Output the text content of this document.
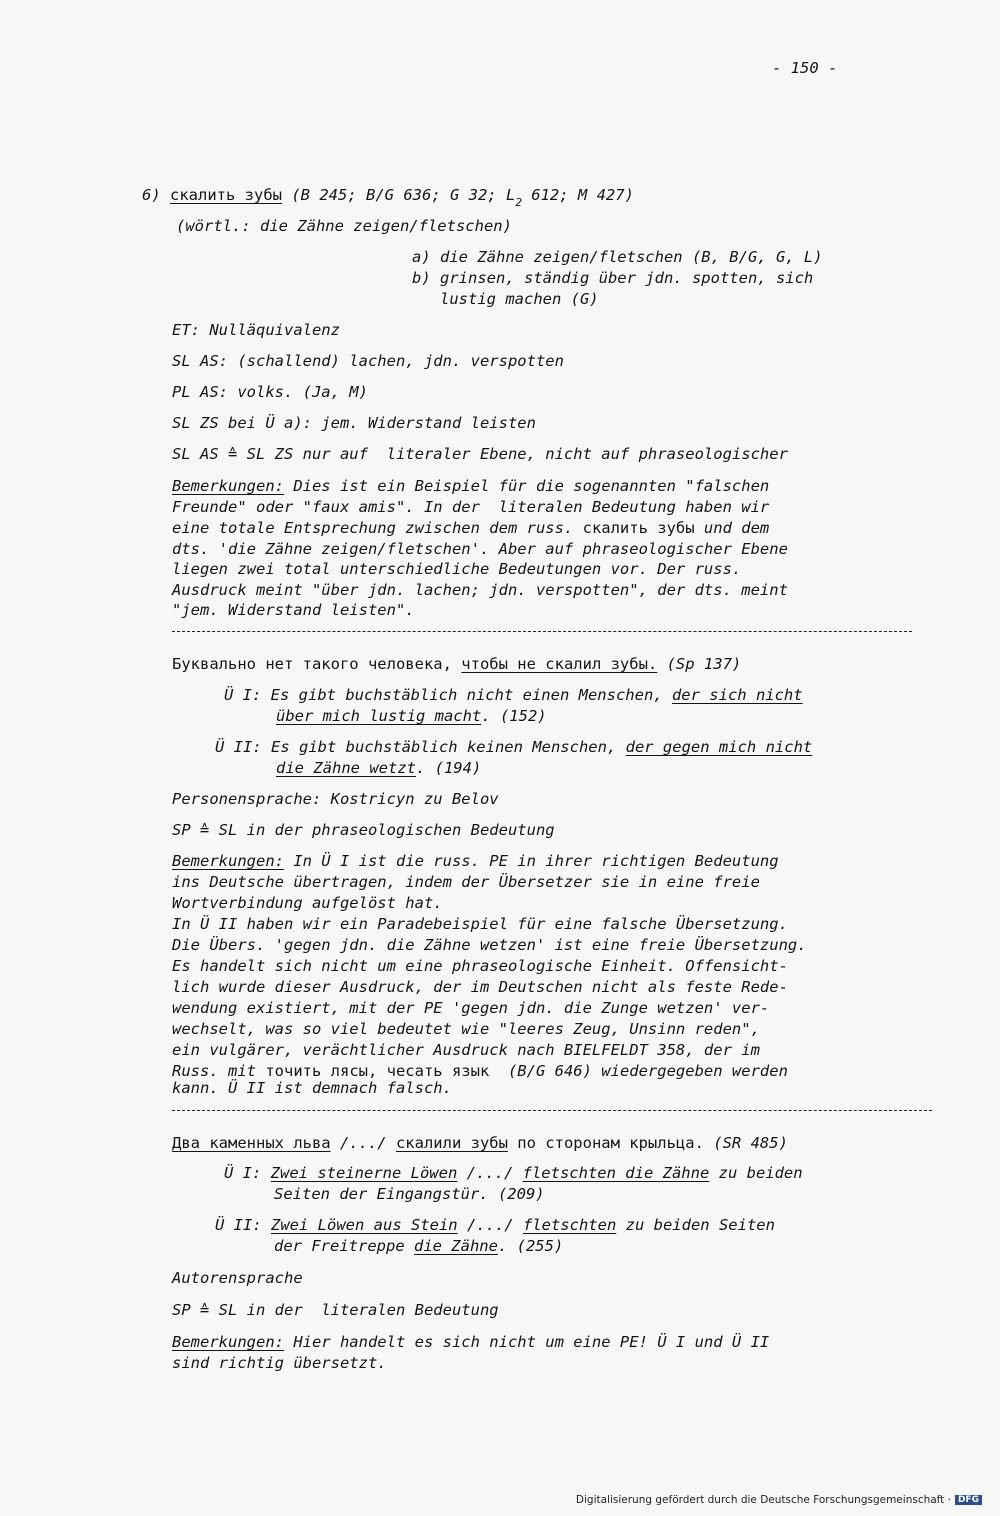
- 150 -
6) скалить зубы (B 245; B/G 636; G 32; $L_2$ 612; M 427)
(wörtl.: die Zähne zeigen/fletschen)
a) die Zähne zeigen/fletschen (B, B/G, G, L)
b) grinsen, ständig über jdn. spotten, sich
lustig machen (G)
ET: Nulläquivalenz
SL AS: (schallend) lachen, jdn. verspotten
PL AS: volks. (Ja, M)
SL ZS bei Ü a): jem. Widerstand leisten
SL AS ≙ SL ZS nur auf  literaler Ebene, nicht auf phraseologischer
Bemerkungen: Dies ist ein Beispiel für die sogenannten "falschen
Freunde" oder "faux amis". In der  literalen Bedeutung haben wir
eine totale Entsprechung zwischen dem russ. скалить зубы und dem
dts. 'die Zähne zeigen/fletschen'. Aber auf phraseologischer Ebene
liegen zwei total unterschiedliche Bedeutungen vor. Der russ.
Ausdruck meint "über jdn. lachen; jdn. verspotten", der dts. meint
"jem. Widerstand leisten".
Буквально нет такого человека, чтобы не скалил зубы. (Sp 137)
Ü I: Es gibt buchstäblich nicht einen Menschen, der sich nicht
über mich lustig macht. (152)
Ü II: Es gibt buchstäblich keinen Menschen, der gegen mich nicht
die Zähne wetzt. (194)
Personensprache: Kostricyn zu Belov
SP ≙ SL in der phraseologischen Bedeutung
Bemerkungen: In Ü I ist die russ. PE in ihrer richtigen Bedeutung
ins Deutsche übertragen, indem der Übersetzer sie in eine freie
Wortverbindung aufgelöst hat.
In Ü II haben wir ein Paradebeispiel für eine falsche Übersetzung.
Die Übers. 'gegen jdn. die Zähne wetzen' ist eine freie Übersetzung.
Es handelt sich nicht um eine phraseologische Einheit. Offensicht-
lich wurde dieser Ausdruck, der im Deutschen nicht als feste Rede-
wendung existiert, mit der PE 'gegen jdn. die Zunge wetzen' ver-
wechselt, was so viel bedeutet wie "leeres Zeug, Unsinn reden",
ein vulgärer, verächtlicher Ausdruck nach BIELFELDT 358, der im
Russ. mit точить лясы, чесать язык  (B/G 646) wiedergegeben werden
kann. Ü II ist demnach falsch.
Два каменных льва /.../ скалили зубы по сторонам крыльца. (SR 485)
Ü I: Zwei steinerne Löwen /.../ fletschten die Zähne zu beiden
Seiten der Eingangstür. (209)
Ü II: Zwei Löwen aus Stein /.../ fletschten zu beiden Seiten
der Freitreppe die Zähne. (255)
Autorensprache
SP ≙ SL in der  literalen Bedeutung
Bemerkungen: Hier handelt es sich nicht um eine PE! Ü I und Ü II
sind richtig übersetzt.
Digitalisierung gefördert durch die Deutsche Forschungsgemeinschaft · DFG
